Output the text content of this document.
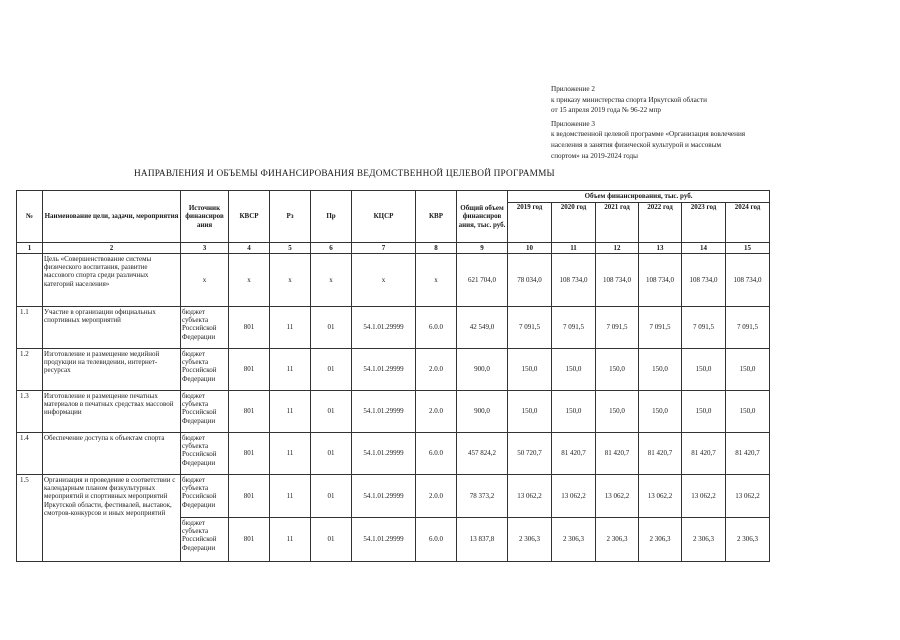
Приложение 2
к приказу министерства спорта Иркутской области
от 15 апреля 2019 года № 96-22 мпр
Приложение 3
к ведомственной целевой программе «Организация вовлечения
населения в занятия физической культурой и массовым
спортом» на 2019-2024 годы
НАПРАВЛЕНИЯ И ОБЪЕМЫ ФИНАНСИРОВАНИЯ ВЕДОМСТВЕННОЙ ЦЕЛЕВОЙ ПРОГРАММЫ
№	Наименование цели, задачи, мероприятия	Источник финансиров ания	КВСР	Рз	Пр	КЦСР	КВР	Общий объем финансиров ания, тыс. руб.	Объем финансирования, тыс. руб.					
									2019 год	2020 год	2021 год	2022 год	2023 год	2024 год
1	2	3	4	5	6	7	8	9	10	11	12	13	14	15
	Цель «Совершенствование системы физического воспитания, развитие массового спорта среди различных категорий населения»	х	х	х	х	х	х	621 704,0	78 034,0	108 734,0	108 734,0	108 734,0	108 734,0	108 734,0
1.1	Участие в организации официальных спортивных мероприятий	бюджет субъекта Российской Федерации	801	11	01	54.1.01.29999	6.0.0	42 549,0	7 091,5	7 091,5	7 091,5	7 091,5	7 091,5	7 091,5
1.2	Изготовление и размещение медийной продукции на телевидении, интернет-ресурсах	бюджет субъекта Российской Федерации	801	11	01	54.1.01.29999	2.0.0	900,0	150,0	150,0	150,0	150,0	150,0	150,0
1.3	Изготовление и размещение печатных материалов в печатных средствах массовой информации	бюджет субъекта Российской Федерации	801	11	01	54.1.01.29999	2.0.0	900,0	150,0	150,0	150,0	150,0	150,0	150,0
1.4	Обеспечение доступа к объектам спорта	бюджет субъекта Российской Федерации	801	11	01	54.1.01.29999	6.0.0	457 824,2	50 720,7	81 420,7	81 420,7	81 420,7	81 420,7	81 420,7
1.5	Организация и проведение в соответствии с календарным планом физкультурных мероприятий и спортивных мероприятий Иркутской области, фестивалей, выставок, смотров-конкурсов и иных мероприятий	бюджет субъекта Российской Федерации	801	11	01	54.1.01.29999	2.0.0	78 373,2	13 062,2	13 062,2	13 062,2	13 062,2	13 062,2	13 062,2
		бюджет субъекта Российской Федерации	801	11	01	54.1.01.29999	6.0.0	13 837,8	2 306,3	2 306,3	2 306,3	2 306,3	2 306,3	2 306,3
